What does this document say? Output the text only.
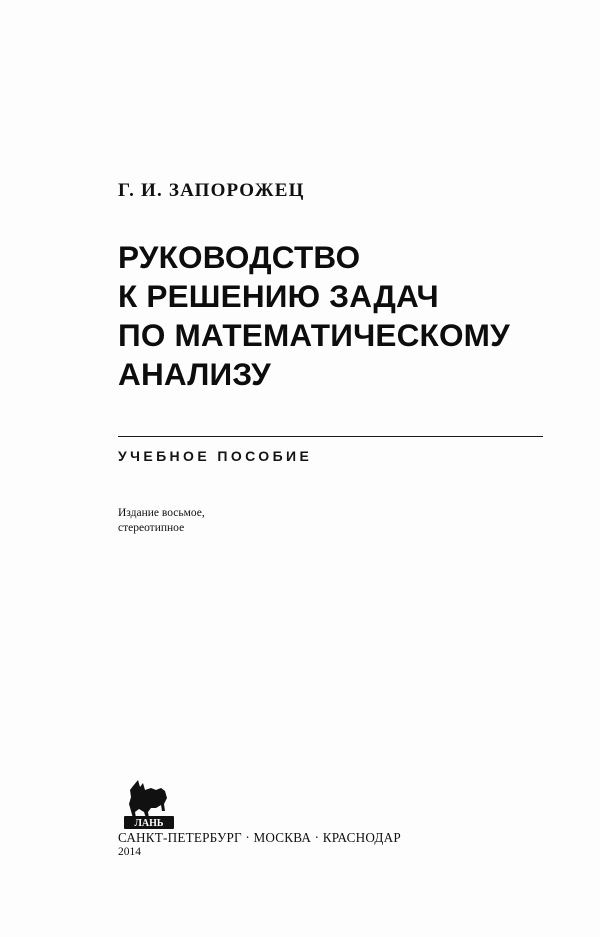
Г. И. ЗАПОРОЖЕЦ
РУКОВОДСТВО
К РЕШЕНИЮ ЗАДАЧ
ПО МАТЕМАТИЧЕСКОМУ
АНАЛИЗУ
УЧЕБНОЕ ПОСОБИЕ
Издание восьмое,
стереотипное
ЛАНЬ
САНКТ-ПЕТЕРБУРГ · МОСКВА · КРАСНОДАР
2014
